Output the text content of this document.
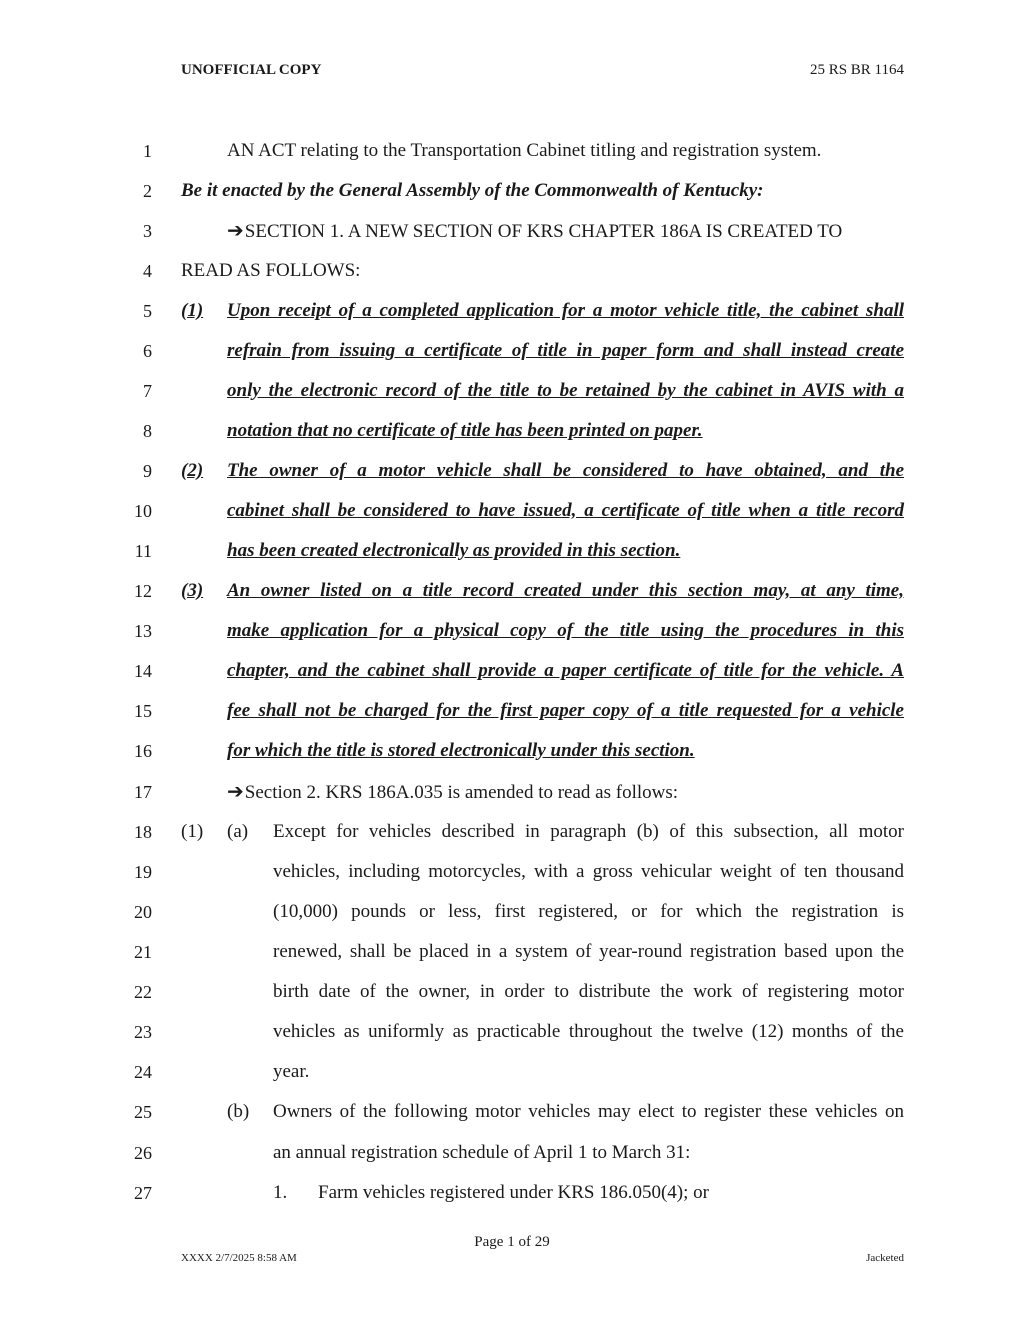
UNOFFICIAL COPY	25 RS BR 1164
1
2
3
4
5
6
7
8
9
10
11
12
13
14
15
16
17
18
19
20
21
22
23
24
25
26
27
AN ACT relating to the Transportation Cabinet titling and registration system.
Be it enacted by the General Assembly of the Commonwealth of Kentucky:
➔SECTION 1. A NEW SECTION OF KRS CHAPTER 186A IS CREATED TO
READ AS FOLLOWS:
(1) Upon receipt of a completed application for a motor vehicle title, the cabinet shall
refrain from issuing a certificate of title in paper form and shall instead create
only the electronic record of the title to be retained by the cabinet in AVIS with a
notation that no certificate of title has been printed on paper.
(2) The owner of a motor vehicle shall be considered to have obtained, and the
cabinet shall be considered to have issued, a certificate of title when a title record
has been created electronically as provided in this section.
(3) An owner listed on a title record created under this section may, at any time,
make application for a physical copy of the title using the procedures in this
chapter, and the cabinet shall provide a paper certificate of title for the vehicle. A
fee shall not be charged for the first paper copy of a title requested for a vehicle
for which the title is stored electronically under this section.
➔Section 2. KRS 186A.035 is amended to read as follows:
(1) (a) Except for vehicles described in paragraph (b) of this subsection, all motor
vehicles, including motorcycles, with a gross vehicular weight of ten thousand
(10,000) pounds or less, first registered, or for which the registration is
renewed, shall be placed in a system of year-round registration based upon the
birth date of the owner, in order to distribute the work of registering motor
vehicles as uniformly as practicable throughout the twelve (12) months of the
year.
(b) Owners of the following motor vehicles may elect to register these vehicles on
an annual registration schedule of April 1 to March 31:
1. Farm vehicles registered under KRS 186.050(4); or
Page 1 of 29
XXXX 2/7/2025 8:58 AM	Jacketed
